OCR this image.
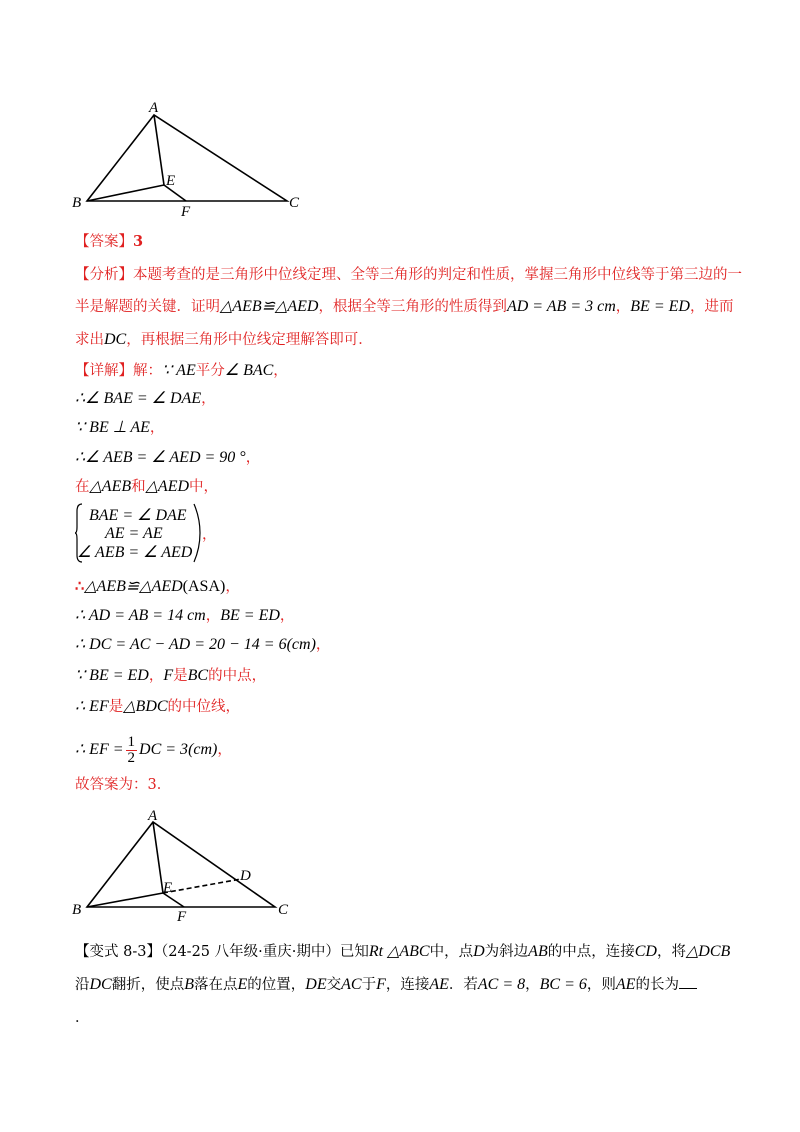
A
B	C
E
F
【答案】3
【分析】本题考查的是三角形中位线定理、全等三角形的判定和性质，掌握三角形中位线等于第三边的一
半是解题的关键．证明△AEB≌△AED，根据全等三角形的性质得到AD = AB = 3 cm，BE = ED，进而
求出DC，再根据三角形中位线定理解答即可．
【详解】解：∵ AE平分∠ BAC，
∴∠ BAE = ∠ DAE，
∵ BE ⊥ AE，
∴∠ AEB = ∠ AED = 90 °，
在△AEB和△AED中，
BAE = ∠ DAE
AE = AE
∠ AEB = ∠ AED
，
∴△AEB≌△AED(ASA)，
∴ AD = AB = 14 cm，BE = ED，
∴ DC = AC − AD = 20 − 14 = 6(cm)，
∵ BE = ED，F是BC的中点，
∴ EF是△BDC的中位线，
∴ EF = $\frac{1}{2}$ DC = 3(cm)，
故答案为：3．
A
B	C
D
E
F
【变式 8-3】（24-25 八年级·重庆·期中）已知Rt △ABC中，点D为斜边AB的中点，连接CD，将△DCB
沿DC翻折，使点B落在点E的位置，DE交AC于F，连接AE．若AC = 8，BC = 6，则AE的长为
．
